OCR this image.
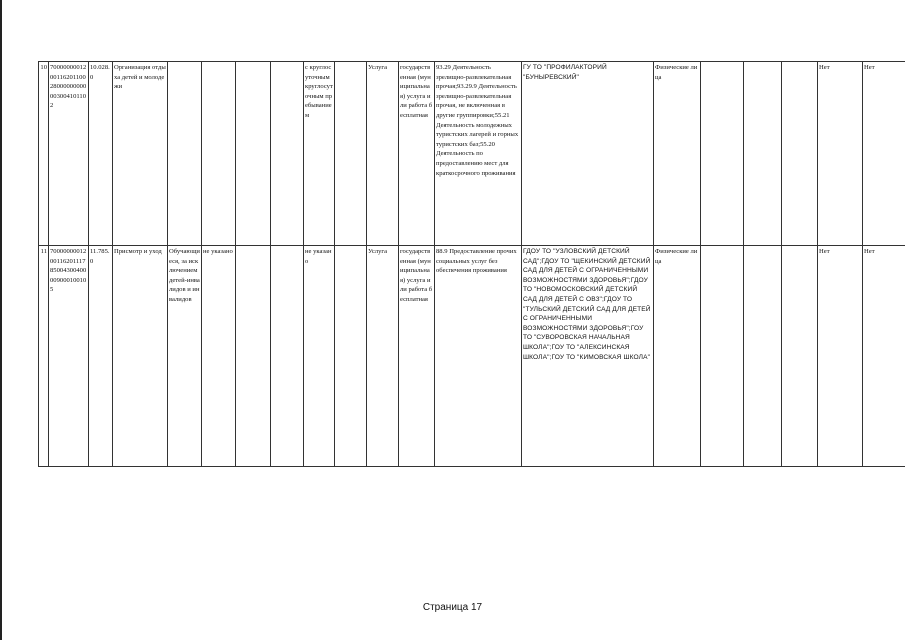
10	700000000120011620110028000000000003004101102	10.028.0	Организация отдыха детей и молодежи					с круглосуточным круглосуточным пребыванием		Услуга	государственная (муниципальная) услуга или работа бесплатная	93.29 Деятельность зрелищно-развлекательная прочая;93.29.9 Деятельность зрелищно-развлекательная прочая, не включенная в другие группировки;55.21 Деятельность молодежных туристских лагерей и горных туристских баз;55.20 Деятельность по предоставлению мест для краткосрочного проживания	ГУ ТО "ПРОФИЛАКТОРИЙ "БУНЫРЕВСКИЙ"	Физические лица				Нет	Нет
11	700000000120011620111785004300400009000100105	11.785.0	Присмотр и уход	Обучающиеся, за исключением детей-инвалидов и инвалидов	не указано			не указано		Услуга	государственная (муниципальная) услуга или работа бесплатная	88.9 Предоставление прочих социальных услуг без обеспечения проживания	ГДОУ ТО "УЗЛОВСКИЙ ДЕТСКИЙ САД";ГДОУ ТО "ЩЕКИНСКИЙ ДЕТСКИЙ САД ДЛЯ ДЕТЕЙ С ОГРАНИЧЕННЫМИ ВОЗМОЖНОСТЯМИ ЗДОРОВЬЯ";ГДОУ ТО "НОВОМОСКОВСКИЙ ДЕТСКИЙ САД ДЛЯ ДЕТЕЙ С ОВЗ";ГДОУ ТО "ТУЛЬСКИЙ ДЕТСКИЙ САД ДЛЯ ДЕТЕЙ С ОГРАНИЧЕННЫМИ ВОЗМОЖНОСТЯМИ ЗДОРОВЬЯ";ГОУ ТО "СУВОРОВСКАЯ НАЧАЛЬНАЯ ШКОЛА";ГОУ ТО "АЛЕКСИНСКАЯ ШКОЛА";ГОУ ТО "КИМОВСКАЯ ШКОЛА"	Физические лица				Нет	Нет
Страница 17
